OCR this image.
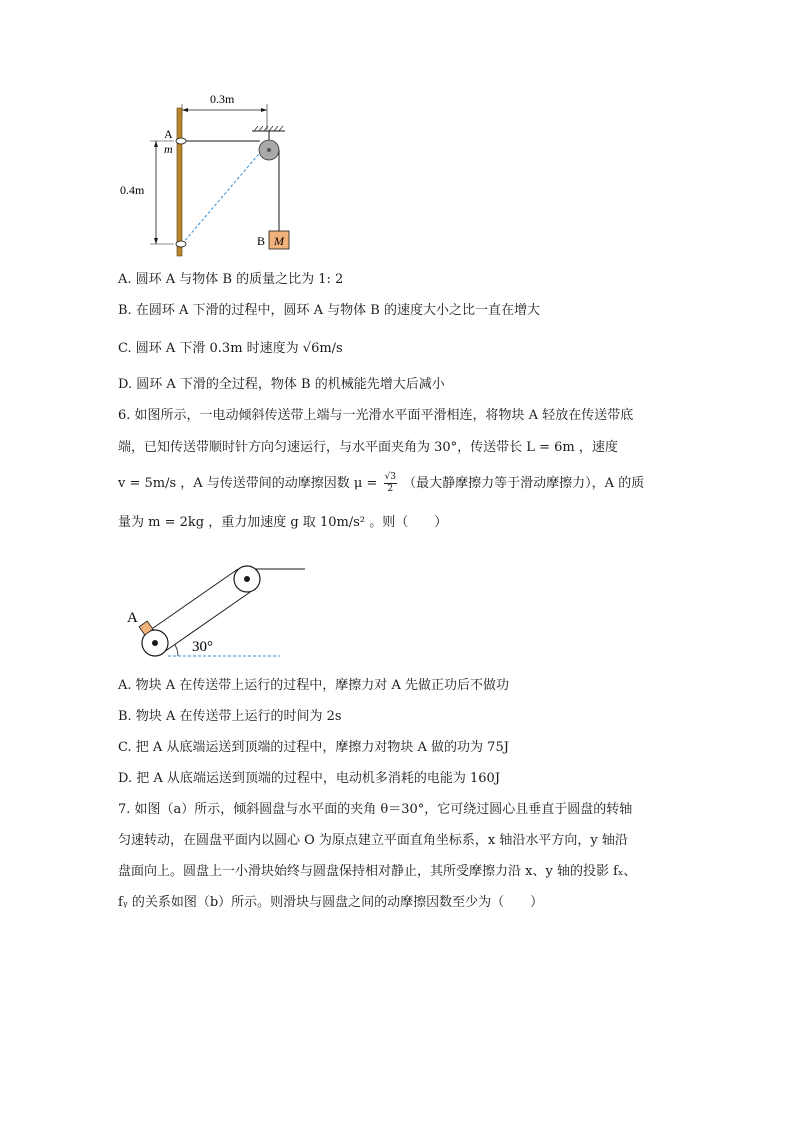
0.3m
M
B
A
m
0.4m
A. 圆环 A 与物体 B 的质量之比为 1: 2
B. 在圆环 A 下滑的过程中，圆环 A 与物体 B 的速度大小之比一直在增大
C. 圆环 A 下滑 0.3m 时速度为 √6m/s
D. 圆环 A 下滑的全过程，物体 B 的机械能先增大后减小
6. 如图所示，一电动倾斜传送带上端与一光滑水平面平滑相连，将物块 A 轻放在传送带底
端，已知传送带顺时针方向匀速运行，与水平面夹角为 30°，传送带长 L = 6m ，速度
v = 5m/s ，A 与传送带间的动摩擦因数 $\mu = \frac{√3}{2}$ （最大静摩擦力等于滑动摩擦力），A 的质
量为 m = 2kg ，重力加速度 g 取 10m/s² 。则（　　）
A
30°
A. 物块 A 在传送带上运行的过程中，摩擦力对 A 先做正功后不做功
B. 物块 A 在传送带上运行的时间为 2s
C. 把 A 从底端运送到顶端的过程中，摩擦力对物块 A 做的功为 75J
D. 把 A 从底端运送到顶端的过程中，电动机多消耗的电能为 160J
7. 如图（a）所示，倾斜圆盘与水平面的夹角 θ＝30°，它可绕过圆心且垂直于圆盘的转轴
匀速转动，在圆盘平面内以圆心 O 为原点建立平面直角坐标系，x 轴沿水平方向，y 轴沿
盘面向上。圆盘上一小滑块始终与圆盘保持相对静止，其所受摩擦力沿 x、y 轴的投影 fₓ、
fᵧ 的关系如图（b）所示。则滑块与圆盘之间的动摩擦因数至少为（　　）
